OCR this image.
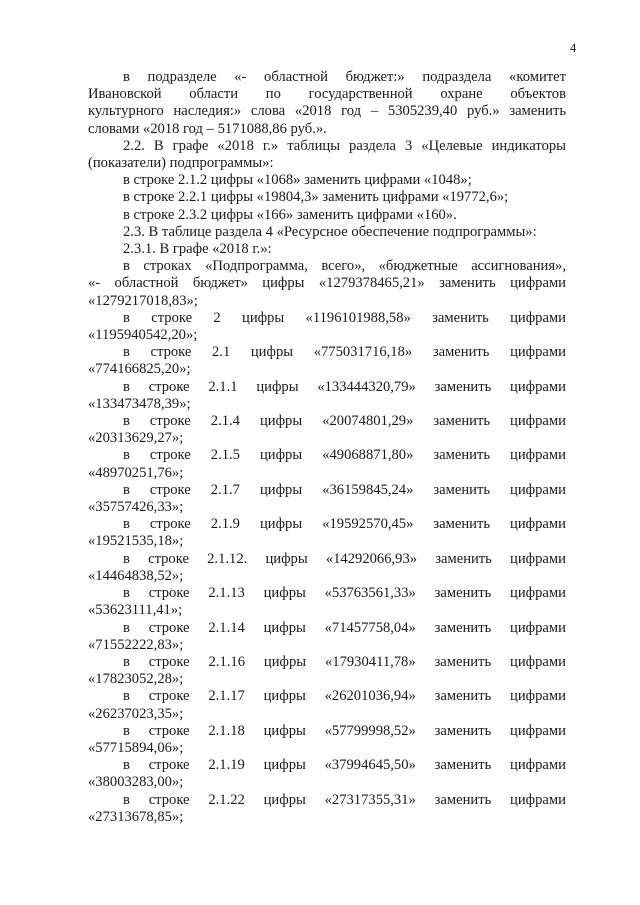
4
в подразделе «- областной бюджет:» подраздела «комитет
Ивановской области по государственной охране объектов
культурного наследия:» слова «2018 год – 5305239,40 руб.» заменить
словами «2018 год – 5171088,86 руб.».
2.2. В графе «2018 г.» таблицы раздела 3 «Целевые индикаторы
(показатели) подпрограммы»:
в строке 2.1.2 цифры «1068» заменить цифрами «1048»;
в строке 2.2.1 цифры «19804,3» заменить цифрами «19772,6»;
в строке 2.3.2 цифры «166» заменить цифрами «160».
2.3. В таблице раздела 4 «Ресурсное обеспечение подпрограммы»:
2.3.1. В графе «2018 г.»:
в строках «Подпрограмма, всего», «бюджетные ассигнования»,
«- областной бюджет» цифры «1279378465,21» заменить цифрами
«1279217018,83»;
в строке 2 цифры «1196101988,58» заменить цифрами
«1195940542,20»;
в строке 2.1 цифры «775031716,18» заменить цифрами
«774166825,20»;
в строке 2.1.1 цифры «133444320,79» заменить цифрами
«133473478,39»;
в строке 2.1.4 цифры «20074801,29» заменить цифрами
«20313629,27»;
в строке 2.1.5 цифры «49068871,80» заменить цифрами
«48970251,76»;
в строке 2.1.7 цифры «36159845,24» заменить цифрами
«35757426,33»;
в строке 2.1.9 цифры «19592570,45» заменить цифрами
«19521535,18»;
в строке 2.1.12. цифры «14292066,93» заменить цифрами
«14464838,52»;
в строке 2.1.13 цифры «53763561,33» заменить цифрами
«53623111,41»;
в строке 2.1.14 цифры «71457758,04» заменить цифрами
«71552222,83»;
в строке 2.1.16 цифры «17930411,78» заменить цифрами
«17823052,28»;
в строке 2.1.17 цифры «26201036,94» заменить цифрами
«26237023,35»;
в строке 2.1.18 цифры «57799998,52» заменить цифрами
«57715894,06»;
в строке 2.1.19 цифры «37994645,50» заменить цифрами
«38003283,00»;
в строке 2.1.22 цифры «27317355,31» заменить цифрами
«27313678,85»;
